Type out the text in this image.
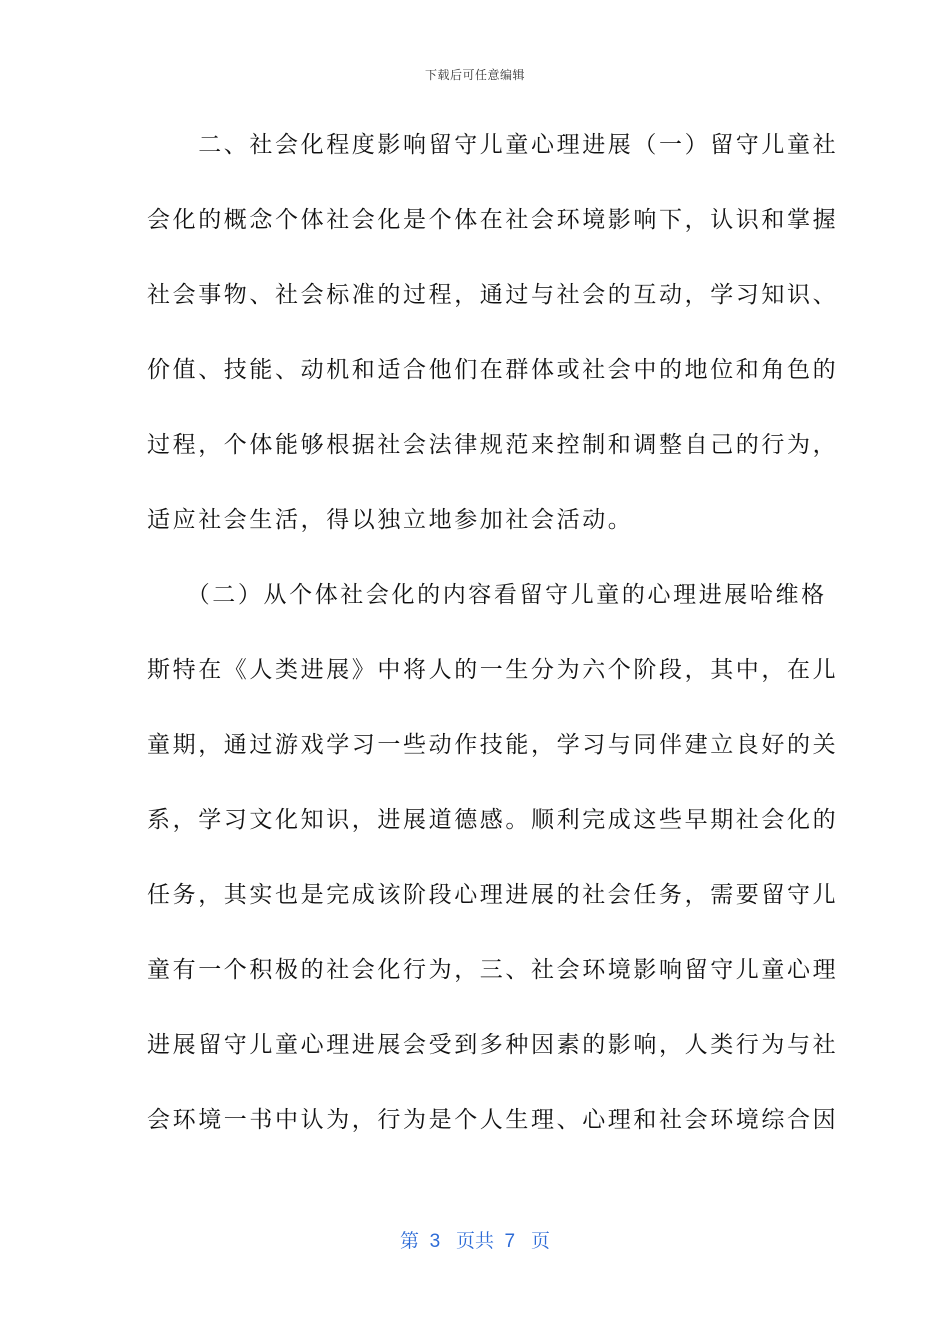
下载后可任意编辑
　　二、社会化程度影响留守儿童心理进展（一）留守儿童社
会化的概念个体社会化是个体在社会环境影响下，认识和掌握
社会事物、社会标准的过程，通过与社会的互动，学习知识、
价值、技能、动机和适合他们在群体或社会中的地位和角色的
过程，个体能够根据社会法律规范来控制和调整自己的行为，
适应社会生活，得以独立地参加社会活动。
　　（二）从个体社会化的内容看留守儿童的心理进展哈维格
斯特在《人类进展》中将人的一生分为六个阶段，其中，在儿
童期，通过游戏学习一些动作技能，学习与同伴建立良好的关
系，学习文化知识，进展道德感。顺利完成这些早期社会化的
任务，其实也是完成该阶段心理进展的社会任务，需要留守儿
童有一个积极的社会化行为，三、社会环境影响留守儿童心理
进展留守儿童心理进展会受到多种因素的影响，人类行为与社
会环境一书中认为，行为是个人生理、心理和社会环境综合因
第  3   页共  7   页
